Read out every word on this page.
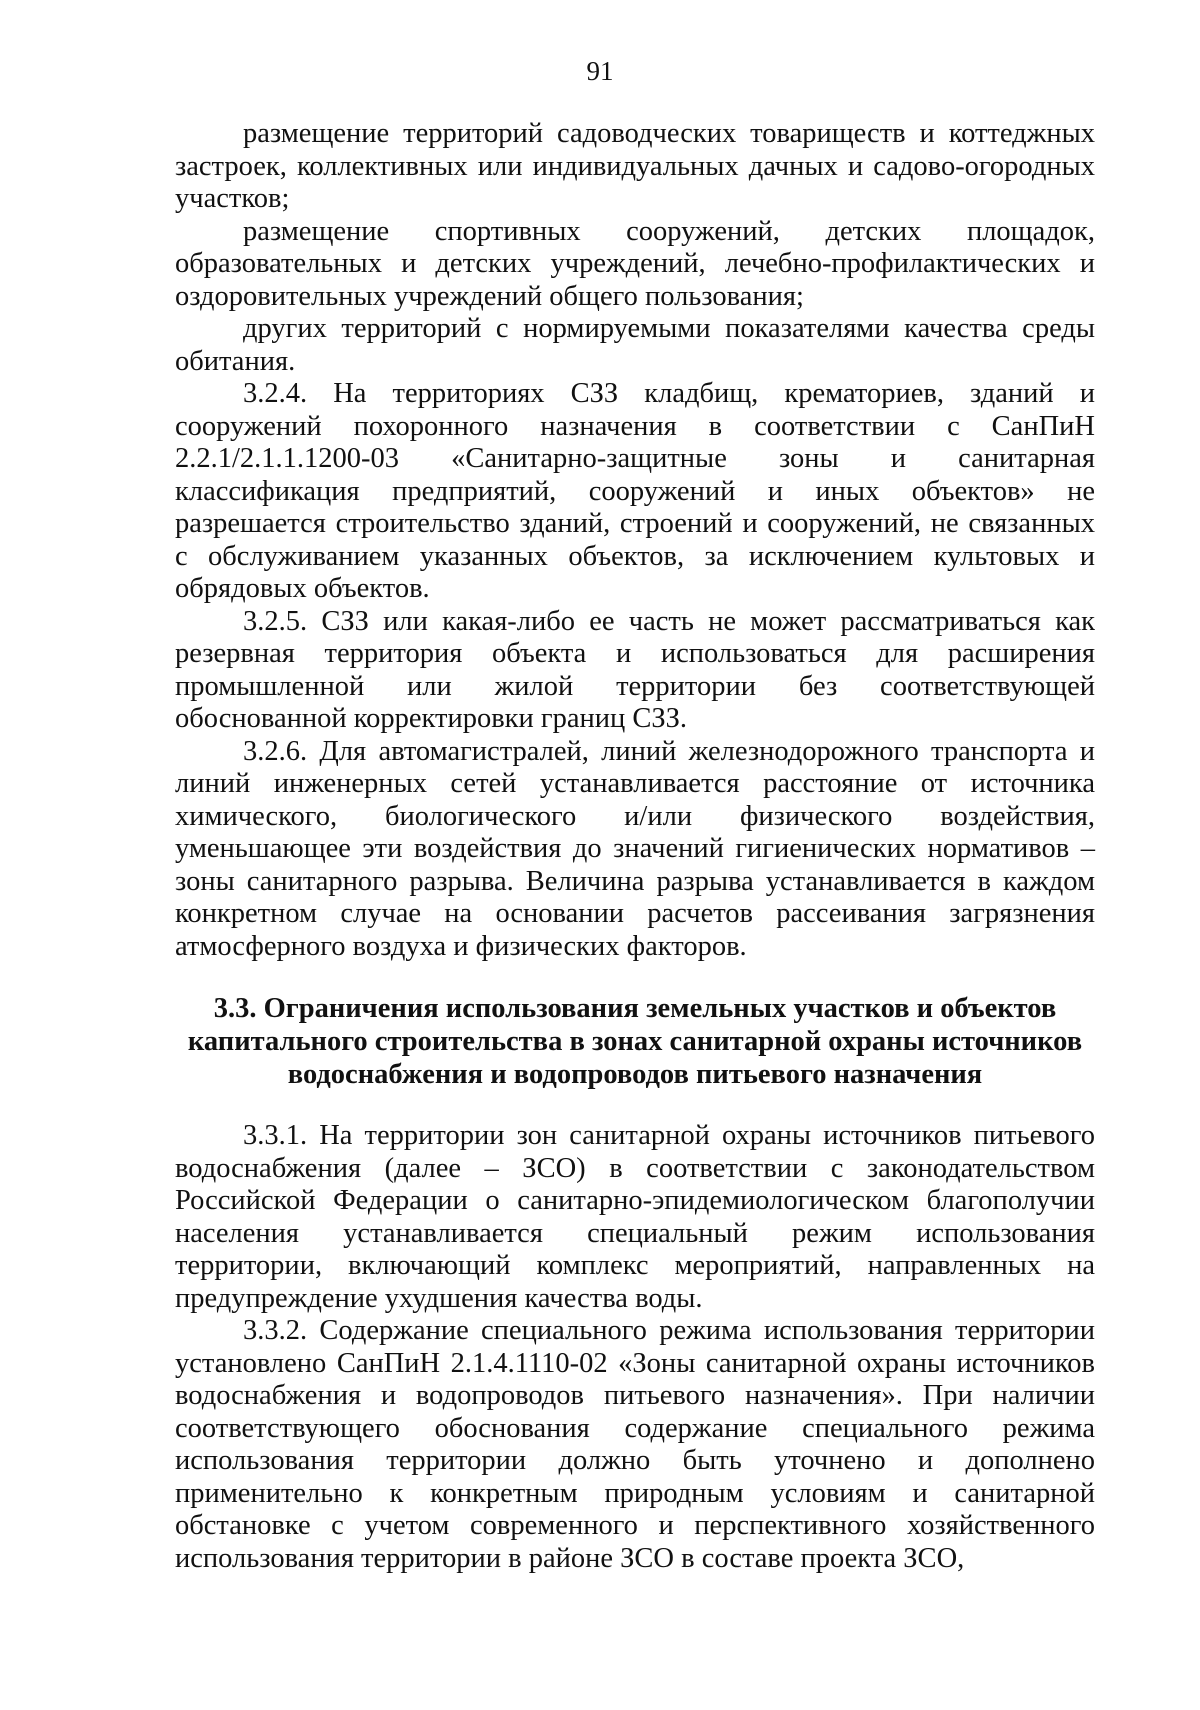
91

размещение территорий садоводческих товариществ и коттеджных застроек, коллективных или индивидуальных дачных и садово-огородных участков;

размещение спортивных сооружений, детских площадок, образовательных и детских учреждений, лечебно-профилактических и оздоровительных учреждений общего пользования;

других территорий с нормируемыми показателями качества среды обитания.

3.2.4. На территориях СЗЗ кладбищ, крематориев, зданий и сооружений похоронного назначения в соответствии с СанПиН 2.2.1/2.1.1.1200-03 «Санитарно-защитные зоны и санитарная классификация предприятий, сооружений и иных объектов» не разрешается строительство зданий, строений и сооружений, не связанных с обслуживанием указанных объектов, за исключением культовых и обрядовых объектов.

3.2.5. СЗЗ или какая-либо ее часть не может рассматриваться как резервная территория объекта и использоваться для расширения промышленной или жилой территории без соответствующей обоснованной корректировки границ СЗЗ.

3.2.6. Для автомагистралей, линий железнодорожного транспорта и линий инженерных сетей устанавливается расстояние от источника химического, биологического и/или физического воздействия, уменьшающее эти воздействия до значений гигиенических нормативов – зоны санитарного разрыва. Величина разрыва устанавливается в каждом конкретном случае на основании расчетов рассеивания загрязнения атмосферного воздуха и физических факторов.

3.3. Ограничения использования земельных участков и объектов
капитального строительства в зонах санитарной охраны источников
водоснабжения и водопроводов питьевого назначения

3.3.1. На территории зон санитарной охраны источников питьевого водоснабжения (далее – ЗСО) в соответствии с законодательством Российской Федерации о санитарно-эпидемиологическом благополучии населения устанавливается специальный режим использования территории, включающий комплекс мероприятий, направленных на предупреждение ухудшения качества воды.

3.3.2. Содержание специального режима использования территории установлено СанПиН 2.1.4.1110-02 «Зоны санитарной охраны источников водоснабжения и водопроводов питьевого назначения». При наличии соответствующего обоснования содержание специального режима использования территории должно быть уточнено и дополнено применительно к конкретным природным условиям и санитарной обстановке с учетом современного и перспективного хозяйственного использования территории в районе ЗСО в составе проекта ЗСО,
